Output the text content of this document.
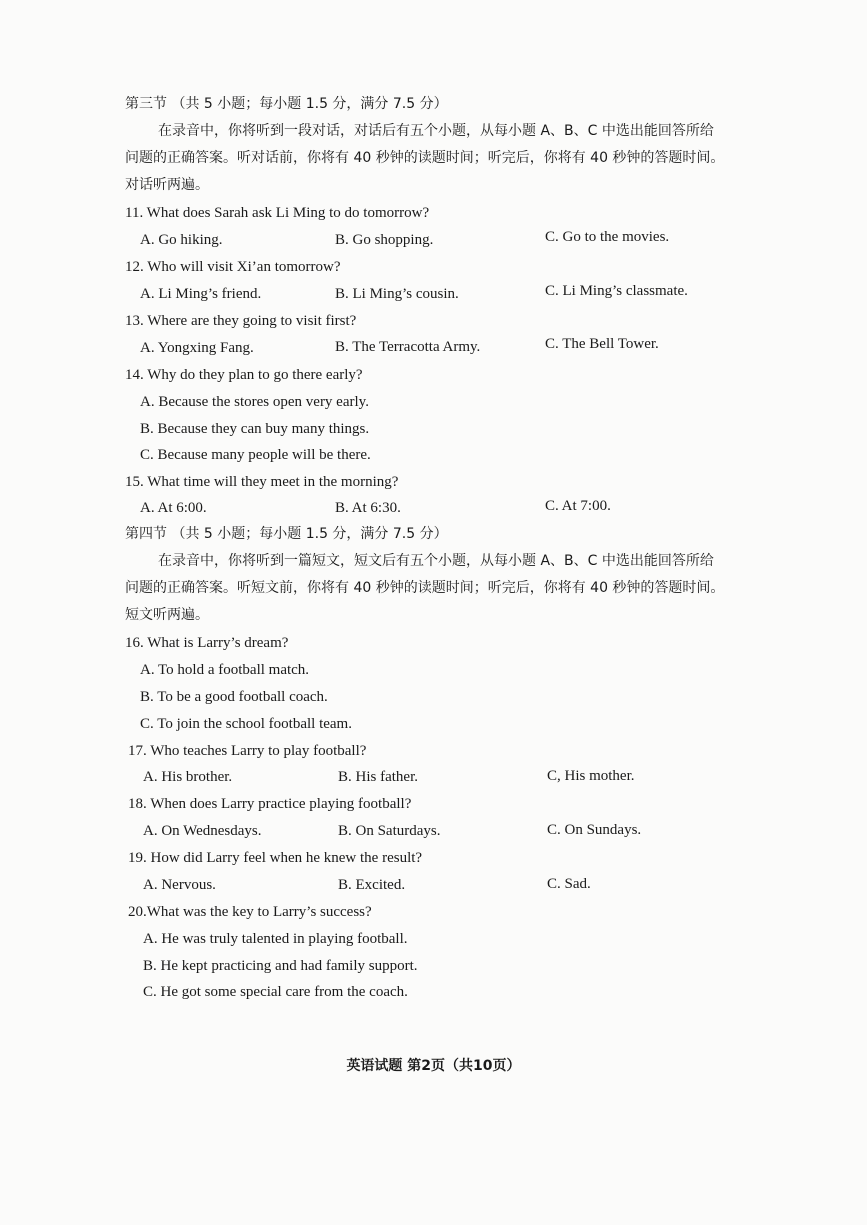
第三节 （共 5 小题；每小题 1.5 分，满分 7.5 分）
在录音中，你将听到一段对话，对话后有五个小题，从每小题 A、B、C 中选出能回答所给
问题的正确答案。听对话前，你将有 40 秒钟的读题时间；听完后，你将有 40 秒钟的答题时间。
对话听两遍。
11. What does Sarah ask Li Ming to do tomorrow?
A. Go hiking.	B. Go shopping.	C. Go to the movies.
12. Who will visit Xi’an tomorrow?
A. Li Ming’s friend.	B. Li Ming’s cousin.	C. Li Ming’s classmate.
13. Where are they going to visit first?
A. Yongxing Fang.	B. The Terracotta Army.	C. The Bell Tower.
14. Why do they plan to go there early?
A. Because the stores open very early.
B. Because they can buy many things.
C. Because many people will be there.
15. What time will they meet in the morning?
A. At 6:00.	B. At 6:30.	C. At 7:00.
第四节 （共 5 小题；每小题 1.5 分，满分 7.5 分）
在录音中，你将听到一篇短文，短文后有五个小题，从每小题 A、B、C 中选出能回答所给
问题的正确答案。听短文前，你将有 40 秒钟的读题时间；听完后，你将有 40 秒钟的答题时间。
短文听两遍。
16. What is Larry’s dream?
A. To hold a football match.
B. To be a good football coach.
C. To join the school football team.
17. Who teaches Larry to play football?
A. His brother.	B. His father.	C, His mother.
18. When does Larry practice playing football?
A. On Wednesdays.	B. On Saturdays.	C. On Sundays.
19. How did Larry feel when he knew the result?
A. Nervous.	B. Excited.	C. Sad.
20.What was the key to Larry’s success?
A. He was truly talented in playing football.
B. He kept practicing and had family support.
C. He got some special care from the coach.
英语试题 第2页（共10页）
